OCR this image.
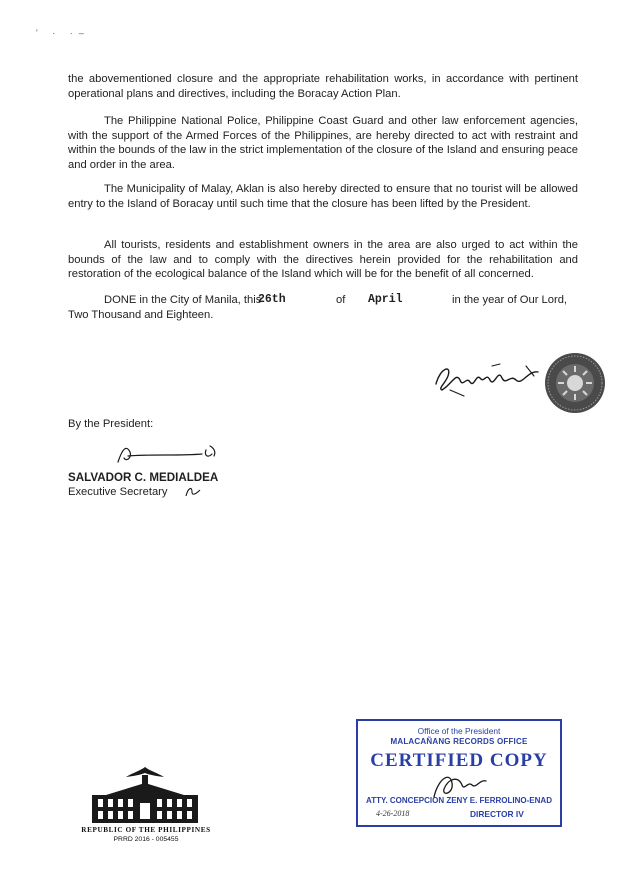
' · ·–
the abovementioned closure and the appropriate rehabilitation works, in accordance with pertinent operational plans and directives, including the Boracay Action Plan.
The Philippine National Police, Philippine Coast Guard and other law enforcement agencies, with the support of the Armed Forces of the Philippines, are hereby directed to act with restraint and within the bounds of the law in the strict implementation of the closure of the Island and ensuring peace and order in the area.
The Municipality of Malay, Aklan is also hereby directed to ensure that no tourist will be allowed entry to the Island of Boracay until such time that the closure has been lifted by the President.
All tourists, residents and establishment owners in the area are also urged to act within the bounds of the law and to comply with the directives herein provided for the rehabilitation and restoration of the ecological balance of the Island which will be for the benefit of all concerned.
DONE in the City of Manila, this
26th	of April	in the year of Our Lord,
Two Thousand and Eighteen.
By the President:
SALVADOR C. MEDIALDEA
Executive Secretary
REPUBLIC OF THE PHILIPPINES
PRRD 2016 - 005455
Office of the President
MALACAÑANG RECORDS OFFICE
CERTIFIED COPY
ATTY. CONCEPCION ZENY E. FERROLINO-ENAD
4-26-2018	DIRECTOR IV
